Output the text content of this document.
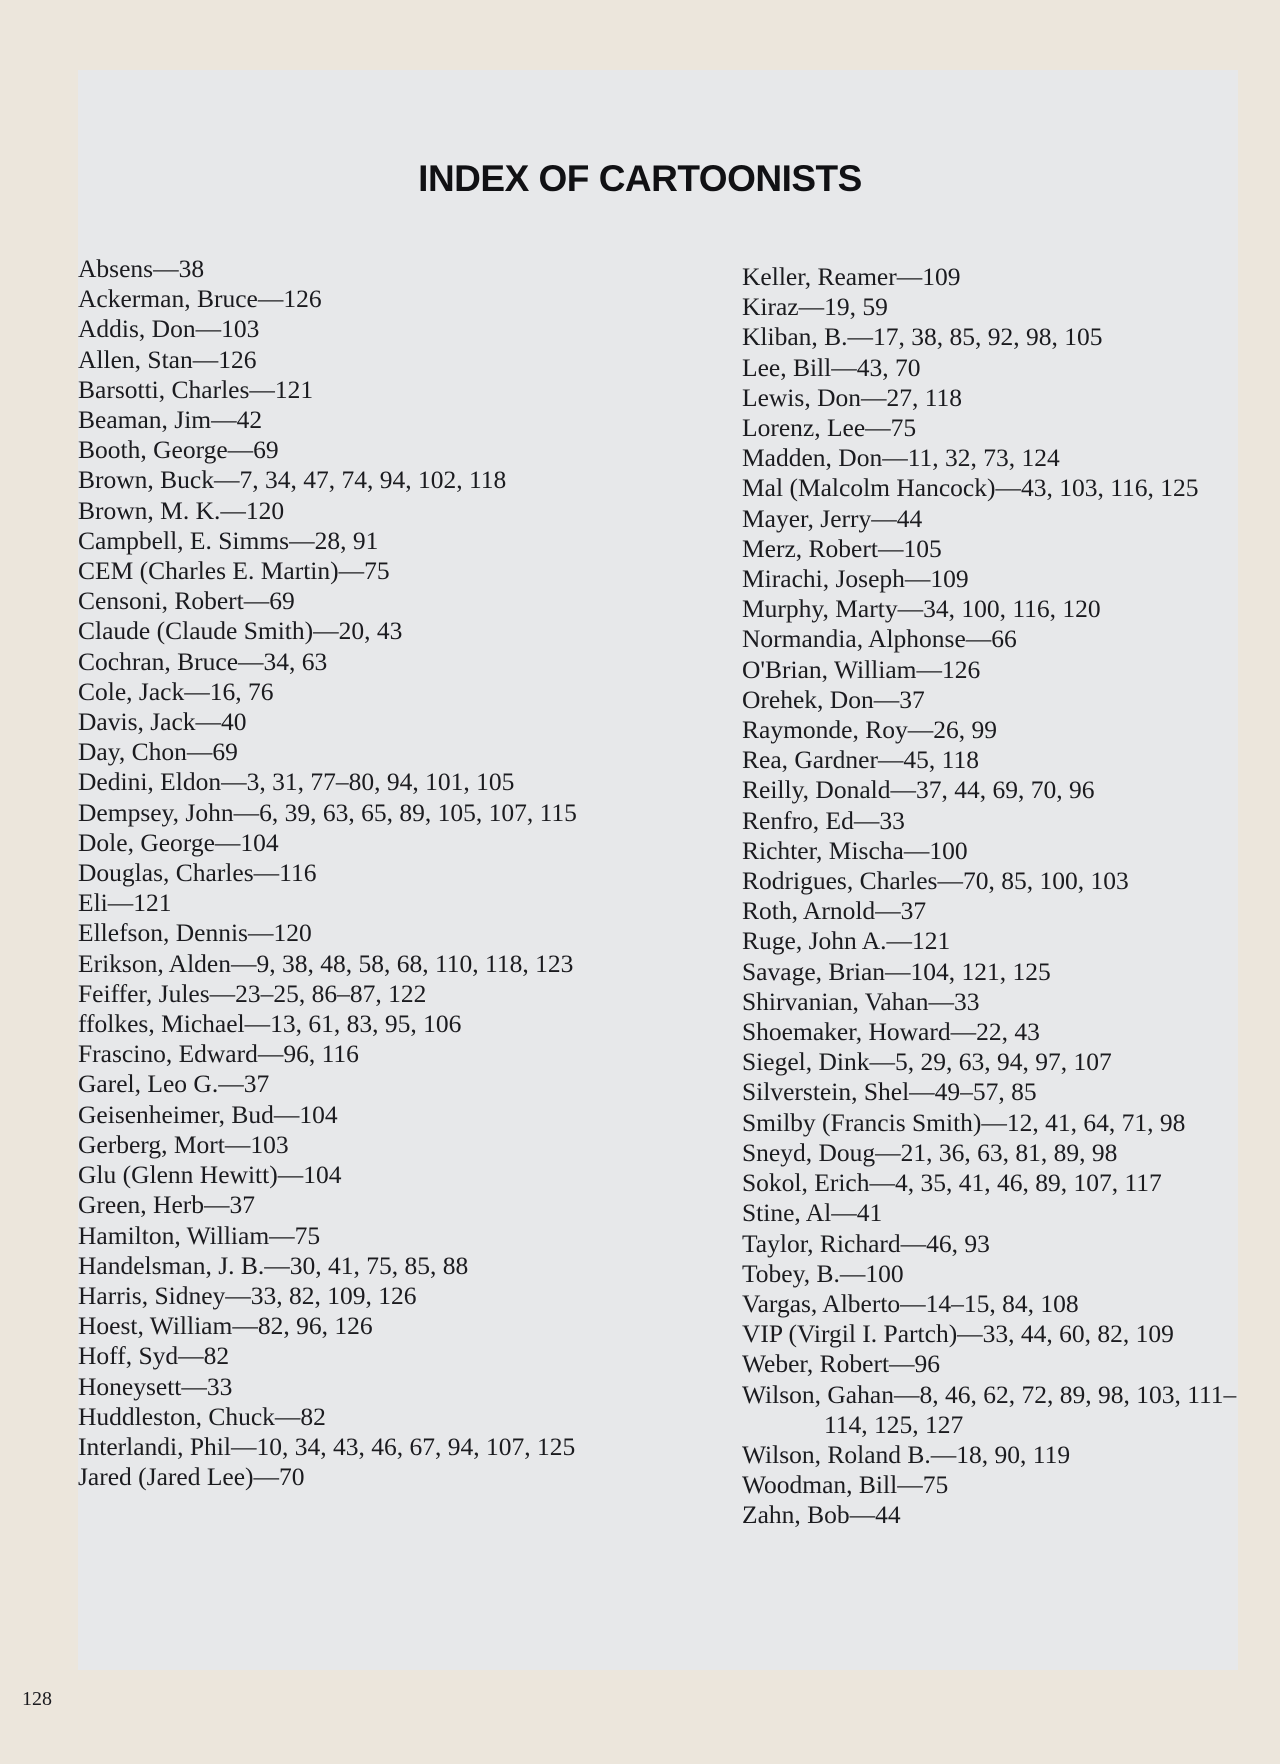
INDEX OF CARTOONISTS
Absens—38
Ackerman, Bruce—126
Addis, Don—103
Allen, Stan—126
Barsotti, Charles—121
Beaman, Jim—42
Booth, George—69
Brown, Buck—7, 34, 47, 74, 94, 102, 118
Brown, M. K.—120
Campbell, E. Simms—28, 91
CEM (Charles E. Martin)—75
Censoni, Robert—69
Claude (Claude Smith)—20, 43
Cochran, Bruce—34, 63
Cole, Jack—16, 76
Davis, Jack—40
Day, Chon—69
Dedini, Eldon—3, 31, 77–80, 94, 101, 105
Dempsey, John—6, 39, 63, 65, 89, 105, 107, 115
Dole, George—104
Douglas, Charles—116
Eli—121
Ellefson, Dennis—120
Erikson, Alden—9, 38, 48, 58, 68, 110, 118, 123
Feiffer, Jules—23–25, 86–87, 122
ffolkes, Michael—13, 61, 83, 95, 106
Frascino, Edward—96, 116
Garel, Leo G.—37
Geisenheimer, Bud—104
Gerberg, Mort—103
Glu (Glenn Hewitt)—104
Green, Herb—37
Hamilton, William—75
Handelsman, J. B.—30, 41, 75, 85, 88
Harris, Sidney—33, 82, 109, 126
Hoest, William—82, 96, 126
Hoff, Syd—82
Honeysett—33
Huddleston, Chuck—82
Interlandi, Phil—10, 34, 43, 46, 67, 94, 107, 125
Jared (Jared Lee)—70
Keller, Reamer—109
Kiraz—19, 59
Kliban, B.—17, 38, 85, 92, 98, 105
Lee, Bill—43, 70
Lewis, Don—27, 118
Lorenz, Lee—75
Madden, Don—11, 32, 73, 124
Mal (Malcolm Hancock)—43, 103, 116, 125
Mayer, Jerry—44
Merz, Robert—105
Mirachi, Joseph—109
Murphy, Marty—34, 100, 116, 120
Normandia, Alphonse—66
O'Brian, William—126
Orehek, Don—37
Raymonde, Roy—26, 99
Rea, Gardner—45, 118
Reilly, Donald—37, 44, 69, 70, 96
Renfro, Ed—33
Richter, Mischa—100
Rodrigues, Charles—70, 85, 100, 103
Roth, Arnold—37
Ruge, John A.—121
Savage, Brian—104, 121, 125
Shirvanian, Vahan—33
Shoemaker, Howard—22, 43
Siegel, Dink—5, 29, 63, 94, 97, 107
Silverstein, Shel—49–57, 85
Smilby (Francis Smith)—12, 41, 64, 71, 98
Sneyd, Doug—21, 36, 63, 81, 89, 98
Sokol, Erich—4, 35, 41, 46, 89, 107, 117
Stine, Al—41
Taylor, Richard—46, 93
Tobey, B.—100
Vargas, Alberto—14–15, 84, 108
VIP (Virgil I. Partch)—33, 44, 60, 82, 109
Weber, Robert—96
Wilson, Gahan—8, 46, 62, 72, 89, 98, 103, 111–114, 125, 127
Wilson, Roland B.—18, 90, 119
Woodman, Bill—75
Zahn, Bob—44
128
